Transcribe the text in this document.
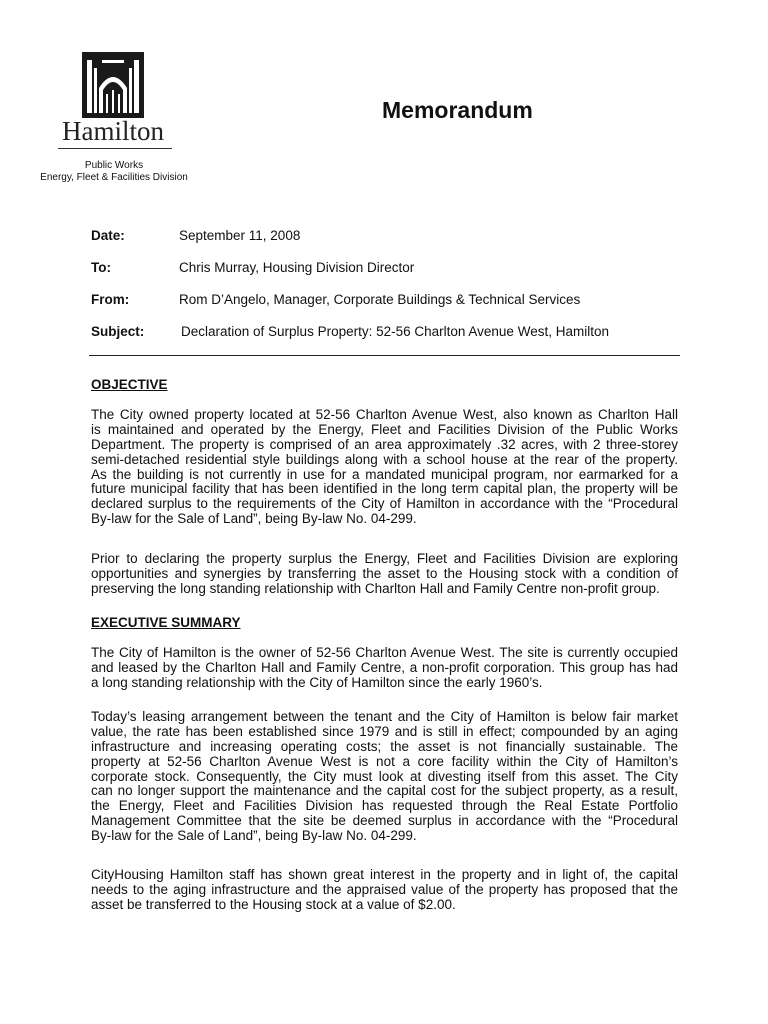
Hamilton
Public Works
Energy, Fleet & Facilities Division
Memorandum
Date:	September 11, 2008
To:	Chris Murray, Housing Division Director
From:	Rom D’Angelo, Manager, Corporate Buildings & Technical Services
Subject:	Declaration of Surplus Property: 52-56 Charlton Avenue West, Hamilton
OBJECTIVE
The City owned property located at 52-56 Charlton Avenue West, also known as Charlton Hall
is maintained and operated by the Energy, Fleet and Facilities Division of the Public Works
Department. The property is comprised of an area approximately .32 acres, with 2 three-storey
semi-detached residential style buildings along with a school house at the rear of the property.
As the building is not currently in use for a mandated municipal program, nor earmarked for a
future municipal facility that has been identified in the long term capital plan, the property will be
declared surplus to the requirements of the City of Hamilton in accordance with the “Procedural
By-law for the Sale of Land”, being By-law No. 04-299.
Prior to declaring the property surplus the Energy, Fleet and Facilities Division are exploring
opportunities and synergies by transferring the asset to the Housing stock with a condition of
preserving the long standing relationship with Charlton Hall and Family Centre non-profit group.
EXECUTIVE SUMMARY
The City of Hamilton is the owner of 52-56 Charlton Avenue West. The site is currently occupied
and leased by the Charlton Hall and Family Centre, a non-profit corporation. This group has had
a long standing relationship with the City of Hamilton since the early 1960’s.
Today’s leasing arrangement between the tenant and the City of Hamilton is below fair market
value, the rate has been established since 1979 and is still in effect; compounded by an aging
infrastructure and increasing operating costs; the asset is not financially sustainable. The
property at 52-56 Charlton Avenue West is not a core facility within the City of Hamilton’s
corporate stock. Consequently, the City must look at divesting itself from this asset. The City
can no longer support the maintenance and the capital cost for the subject property, as a result,
the Energy, Fleet and Facilities Division has requested through the Real Estate Portfolio
Management Committee that the site be deemed surplus in accordance with the “Procedural
By-law for the Sale of Land”, being By-law No. 04-299.
CityHousing Hamilton staff has shown great interest in the property and in light of, the capital
needs to the aging infrastructure and the appraised value of the property has proposed that the
asset be transferred to the Housing stock at a value of $2.00.
